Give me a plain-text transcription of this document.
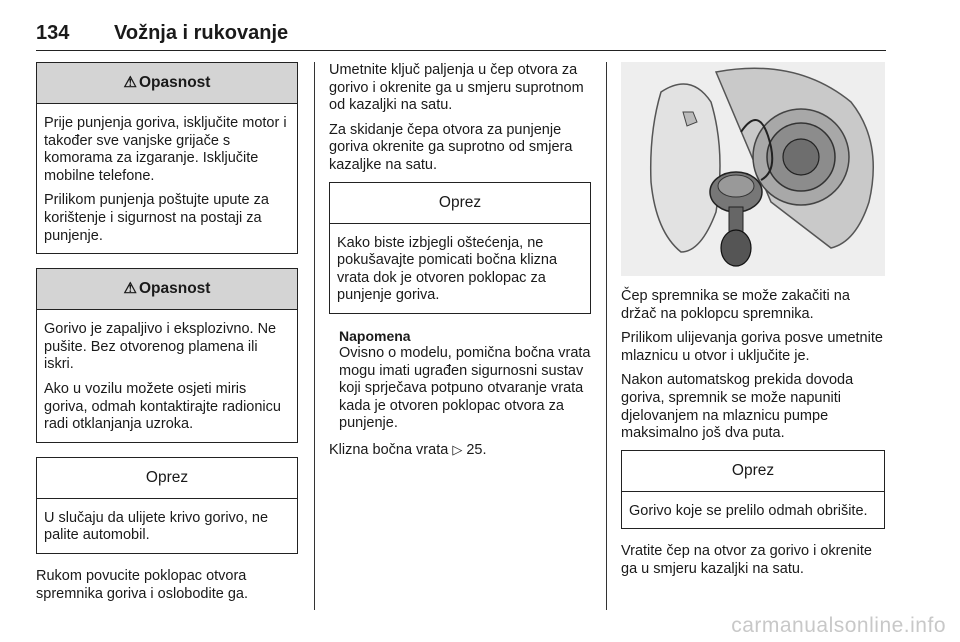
134 Vožnja i rukovanje
⚠ Opasnost

Prije punjenja goriva, isključite motor i također sve vanjske grijače s komorama za izgaranje. Isključite mobilne telefone.

Prilikom punjenja poštujte upute za korištenje i sigurnost na postaji za punjenje.

⚠ Opasnost

Gorivo je zapaljivo i eksplozivno. Ne pušite. Bez otvorenog plamena ili iskri.

Ako u vozilu možete osjeti miris goriva, odmah kontaktirajte radionicu radi otklanjanja uzroka.

Oprez

U slučaju da ulijete krivo gorivo, ne palite automobil.

Rukom povucite poklopac otvora spremnika goriva i oslobodite ga.

Umetnite ključ paljenja u čep otvora za gorivo i okrenite ga u smjeru suprotnom od kazaljki na satu.

Za skidanje čepa otvora za punjenje goriva okrenite ga suprotno od smjera kazaljke na satu.

Oprez

Kako biste izbjegli oštećenja, ne pokušavajte pomicati bočna klizna vrata dok je otvoren poklopac za punjenje goriva.

Napomena

Ovisno o modelu, pomična bočna vrata mogu imati ugrađen sigurnosni sustav koji sprječava potpuno otvaranje vrata kada je otvoren poklopac otvora za punjenje.

Klizna bočna vrata ▷ 25.

Čep spremnika se može zakačiti na držač na poklopcu spremnika.

Prilikom ulijevanja goriva posve umetnite mlaznicu u otvor i uključite je.

Nakon automatskog prekida dovoda goriva, spremnik se može napuniti djelovanjem na mlaznicu pumpe maksimalno još dva puta.

Oprez

Gorivo koje se prelilo odmah obrišite.

Vratite čep na otvor za gorivo i okrenite ga u smjeru kazaljki na satu.

carmanualsonline.info
